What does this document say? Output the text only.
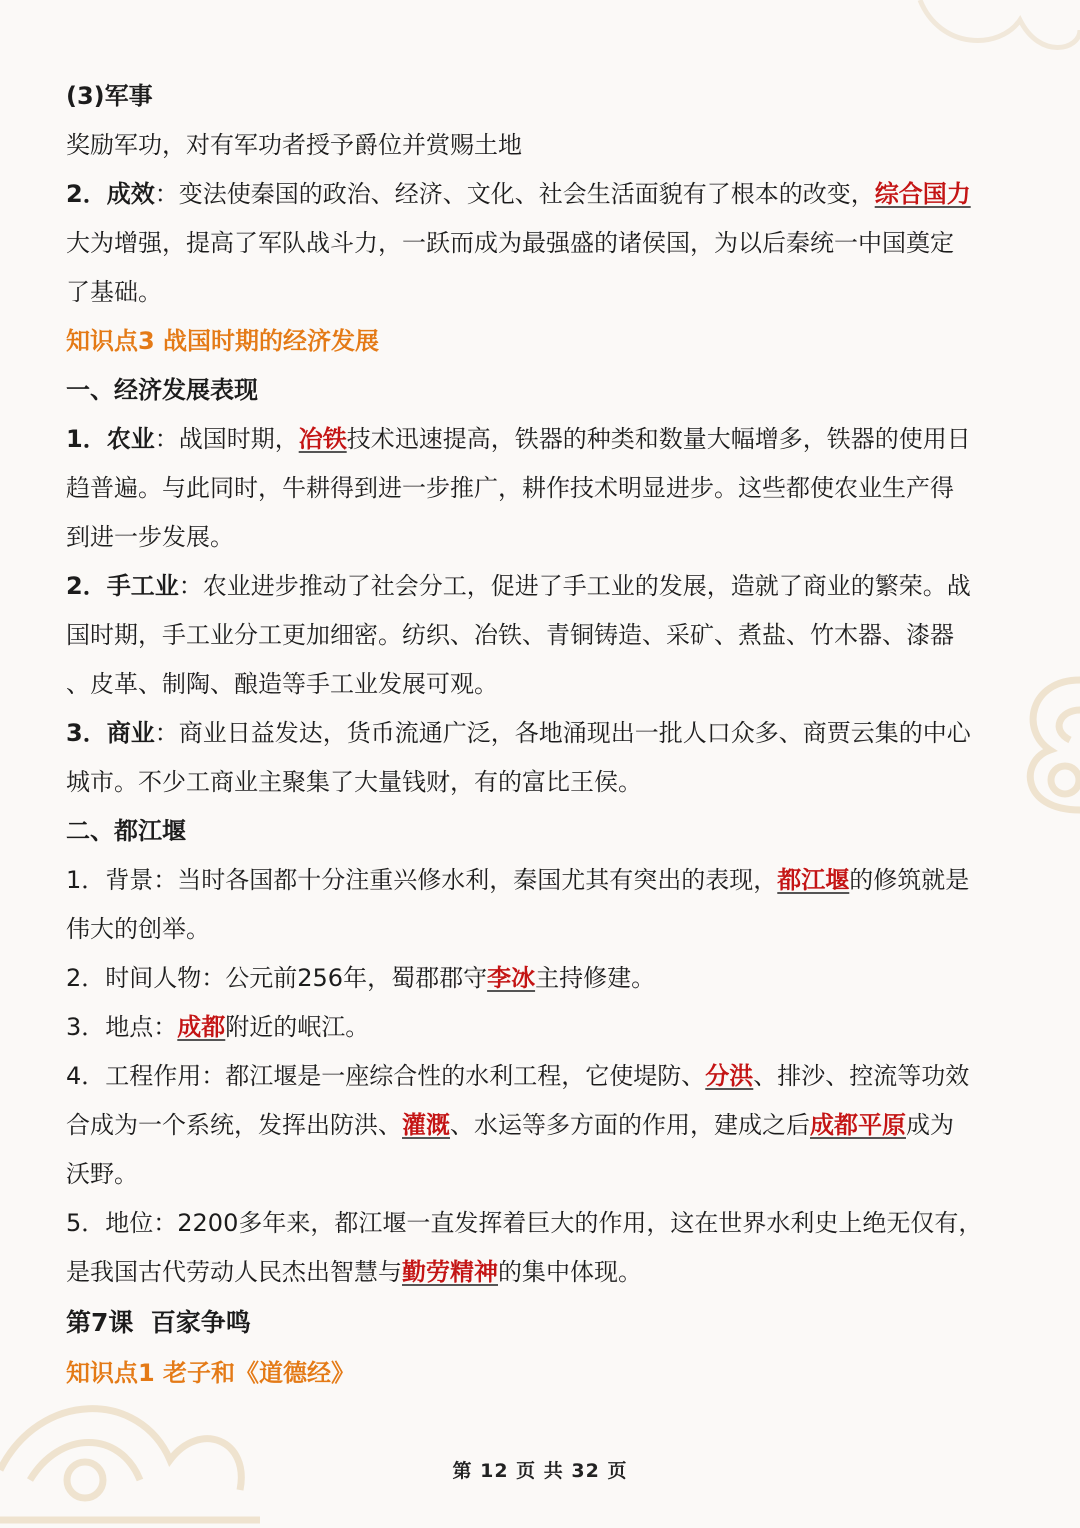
(3)军事
奖励军功，对有军功者授予爵位并赏赐土地
2．成效：变法使秦国的政治、经济、文化、社会生活面貌有了根本的改变，综合国力
大为增强，提高了军队战斗力，一跃而成为最强盛的诸侯国，为以后秦统一中国奠定
了基础。
知识点3 战国时期的经济发展
一、经济发展表现
1．农业：战国时期，冶铁技术迅速提高，铁器的种类和数量大幅增多，铁器的使用日
趋普遍。与此同时，牛耕得到进一步推广，耕作技术明显进步。这些都使农业生产得
到进一步发展。
2．手工业：农业进步推动了社会分工，促进了手工业的发展，造就了商业的繁荣。战
国时期，手工业分工更加细密。纺织、冶铁、青铜铸造、采矿、煮盐、竹木器、漆器
、皮革、制陶、酿造等手工业发展可观。
3．商业：商业日益发达，货币流通广泛，各地涌现出一批人口众多、商贾云集的中心
城市。不少工商业主聚集了大量钱财，有的富比王侯。
二、都江堰
1．背景：当时各国都十分注重兴修水利，秦国尤其有突出的表现，都江堰的修筑就是
伟大的创举。
2．时间人物：公元前256年，蜀郡郡守李冰主持修建。
3．地点：成都附近的岷江。
4．工程作用：都江堰是一座综合性的水利工程，它使堤防、分洪、排沙、控流等功效
合成为一个系统，发挥出防洪、灌溉、水运等多方面的作用，建成之后成都平原成为
沃野。
5．地位：2200多年来，都江堰一直发挥着巨大的作用，这在世界水利史上绝无仅有，
是我国古代劳动人民杰出智慧与勤劳精神的集中体现。
第7课  百家争鸣
知识点1 老子和《道德经》
第 12 页 共 32 页
